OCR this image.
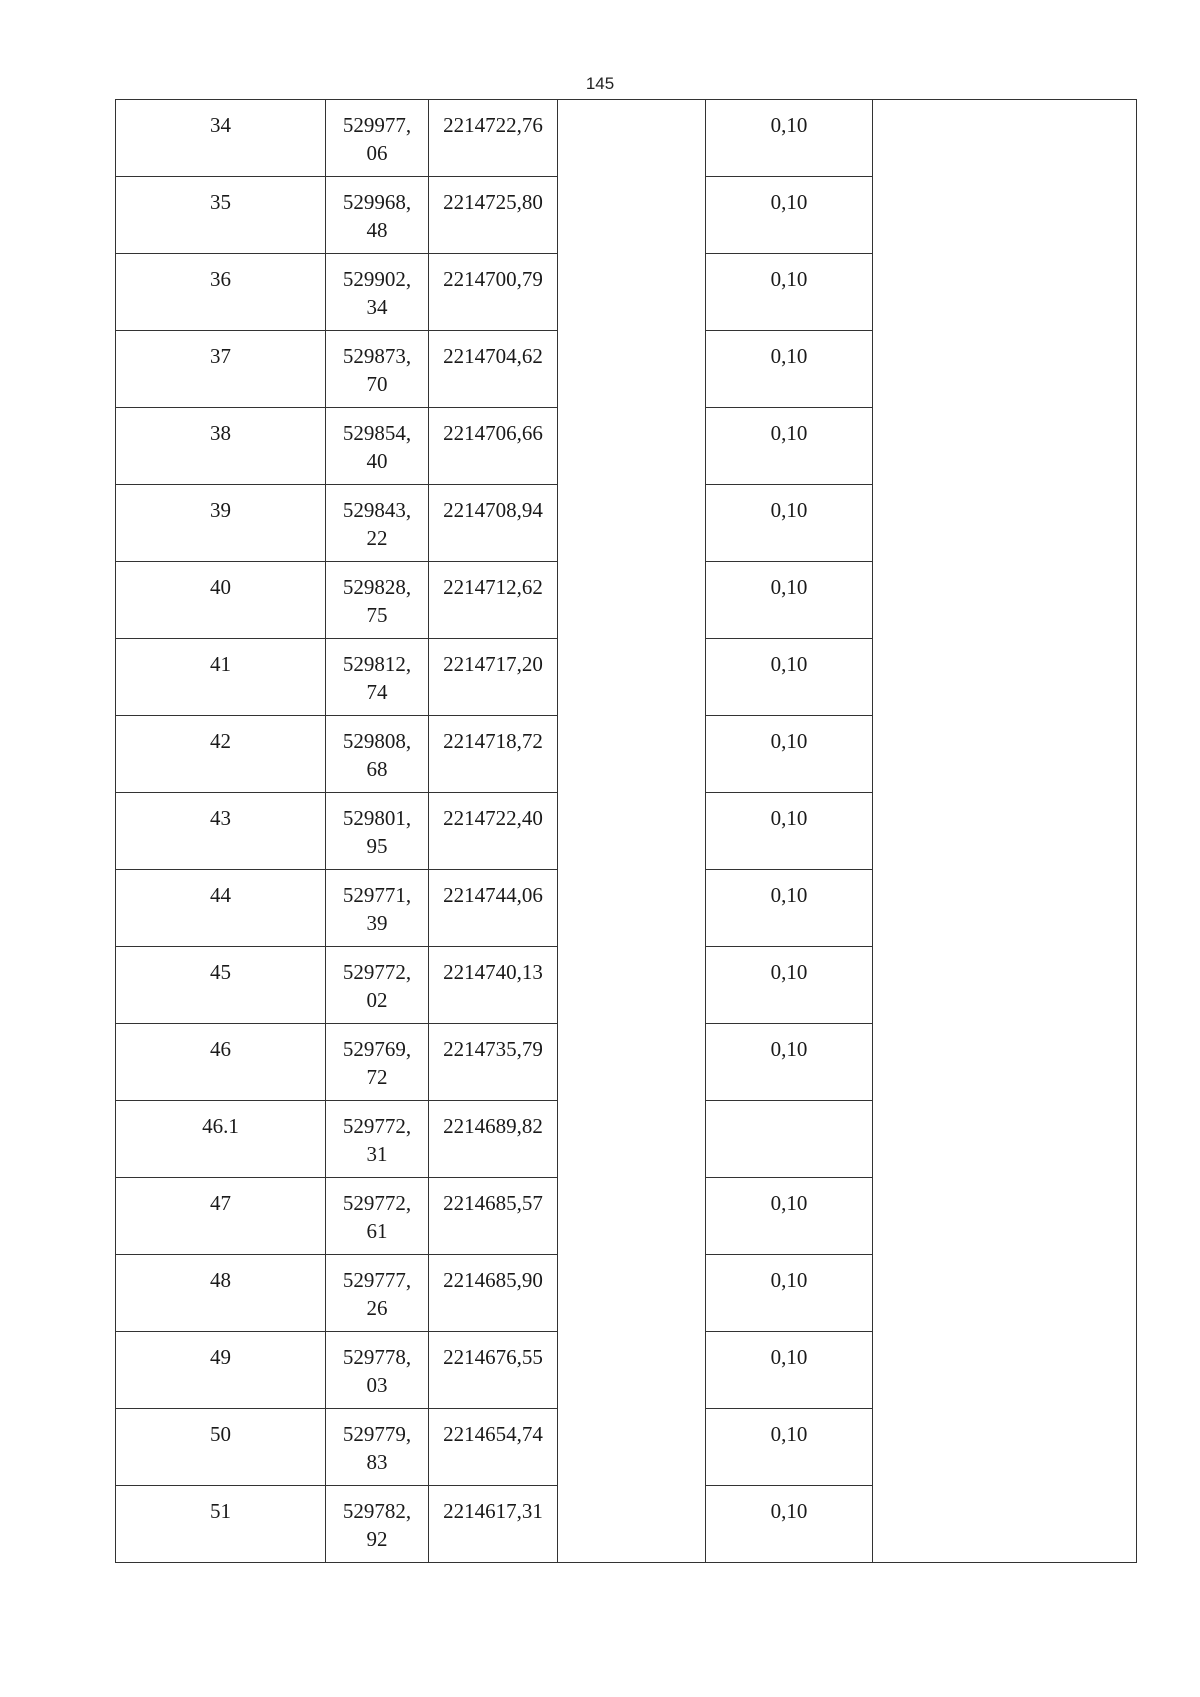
145
34	529977,
06	2214722,76		0,10	

35	529968,
48	2214725,80		0,10	

36	529902,
34	2214700,79		0,10	

37	529873,
70	2214704,62		0,10	

38	529854,
40	2214706,66		0,10	

39	529843,
22	2214708,94		0,10	

40	529828,
75	2214712,62		0,10	

41	529812,
74	2214717,20		0,10	

42	529808,
68	2214718,72		0,10	

43	529801,
95	2214722,40		0,10	

44	529771,
39	2214744,06		0,10	

45	529772,
02	2214740,13		0,10	

46	529769,
72	2214735,79		0,10	

46.1	529772,
31	2214689,82			

47	529772,
61	2214685,57		0,10	

48	529777,
26	2214685,90		0,10	

49	529778,
03	2214676,55		0,10	

50	529779,
83	2214654,74		0,10	

51	529782,
92	2214617,31		0,10	
